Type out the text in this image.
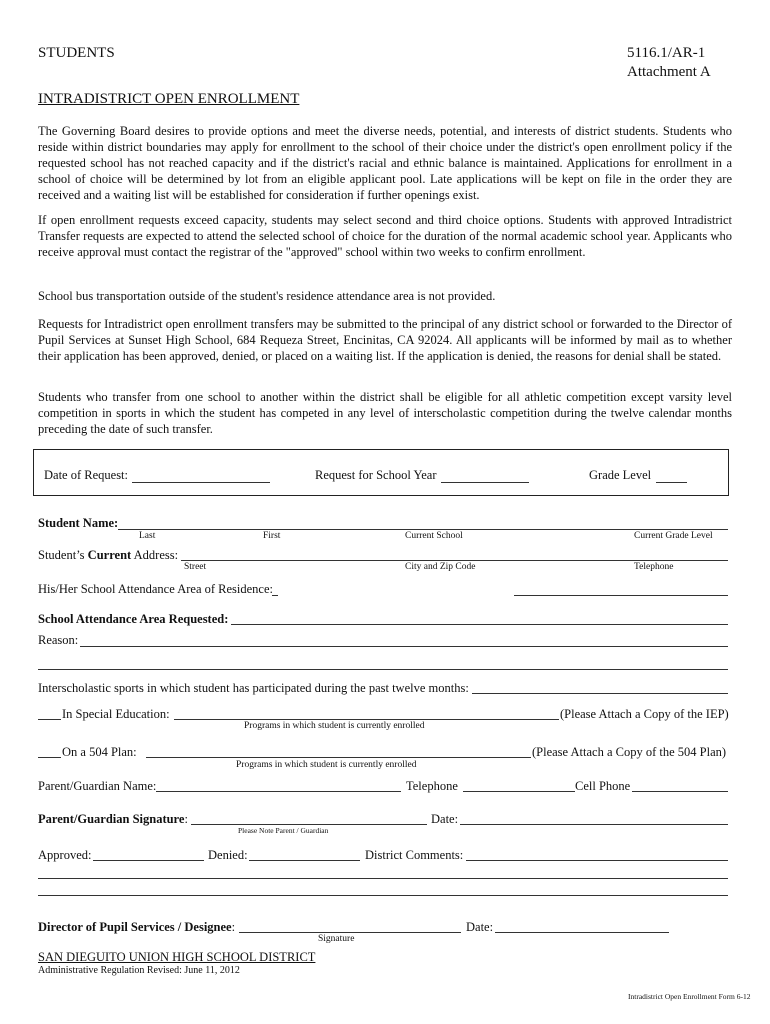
STUDENTS	5116.1/AR-1
Attachment A
INTRADISTRICT OPEN ENROLLMENT

The Governing Board desires to provide options and meet the diverse needs, potential, and interests of district students. Students who reside within district boundaries may apply for enrollment to the school of their choice under the district's open enrollment policy if the requested school has not reached capacity and if the district's racial and ethnic balance is maintained. Applications for enrollment in a school of choice will be determined by lot from an eligible applicant pool. Late applications will be kept on file in the order they are received and a waiting list will be established for consideration if further openings exist.

If open enrollment requests exceed capacity, students may select second and third choice options. Students with approved Intradistrict Transfer requests are expected to attend the selected school of choice for the duration of the normal academic school year. Applicants who receive approval must contact the registrar of the "approved" school within two weeks to confirm enrollment.

School bus transportation outside of the student's residence attendance area is not provided.

Requests for Intradistrict open enrollment transfers may be submitted to the principal of any district school or forwarded to the Director of Pupil Services at Sunset High School, 684 Requeza Street, Encinitas, CA 92024. All applicants will be informed by mail as to whether their application has been approved, denied, or placed on a waiting list. If the application is denied, the reasons for denial shall be stated.

Students who transfer from one school to another within the district shall be eligible for all athletic competition except varsity level competition in sports in which the student has competed in any level of interscholastic competition during the twelve calendar months preceding the date of such transfer.

Date of Request:	Request for School Year	Grade Level
Student Name:
Last	First	Current School	Current Grade Level
Student’s Current Address:
Street	City and Zip Code	Telephone
His/Her School Attendance Area of Residence:
School Attendance Area Requested:
Reason:
Interscholastic sports in which student has participated during the past twelve months:
In Special Education:	(Please Attach a Copy of the IEP)
Programs in which student is currently enrolled
On a 504 Plan:	(Please Attach a Copy of the 504 Plan)
Programs in which student is currently enrolled
Parent/Guardian Name:	Telephone	Cell Phone
Parent/Guardian Signature:
Please Note Parent / Guardian
Date:
Approved:	Denied:	District Comments:
Director of Pupil Services / Designee:
Signature
Date:
SAN DIEGUITO UNION HIGH SCHOOL DISTRICT
Administrative Regulation Revised: June 11, 2012
Intradistrict Open Enrollment Form 6-12
